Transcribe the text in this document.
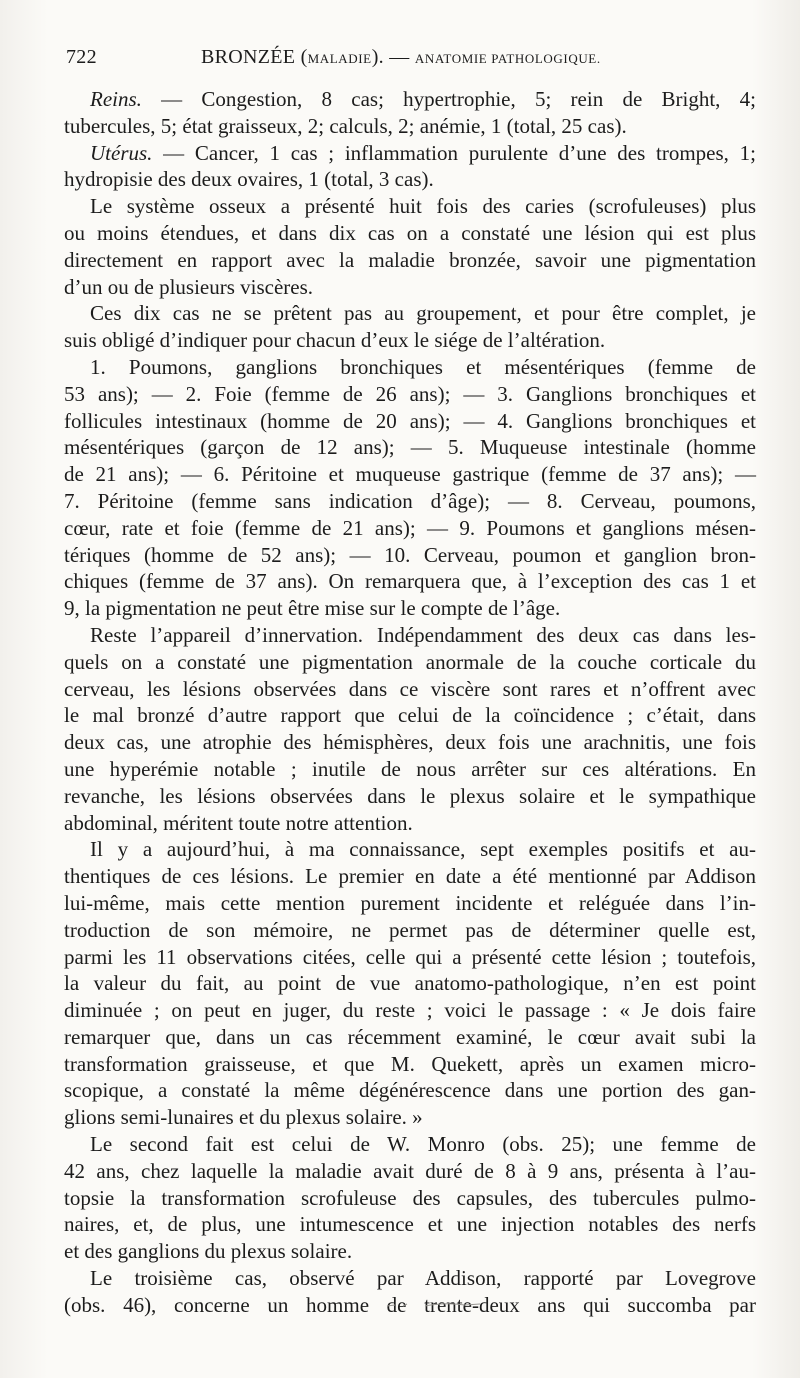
722	BRONZÉE (MALADIE). — ANATOMIE PATHOLOGIQUE.
Reins. — Congestion, 8 cas; hypertrophie, 5; rein de Bright, 4;
tubercules, 5; état graisseux, 2; calculs, 2; anémie, 1 (total, 25 cas).
Utérus. — Cancer, 1 cas ; inflammation purulente d’une des trompes, 1;
hydropisie des deux ovaires, 1 (total, 3 cas).
Le système osseux a présenté huit fois des caries (scrofuleuses) plus
ou moins étendues, et dans dix cas on a constaté une lésion qui est plus
directement en rapport avec la maladie bronzée, savoir une pigmentation
d’un ou de plusieurs viscères.
Ces dix cas ne se prêtent pas au groupement, et pour être complet, je
suis obligé d’indiquer pour chacun d’eux le siége de l’altération.
1. Poumons, ganglions bronchiques et mésentériques (femme de
53 ans); — 2. Foie (femme de 26 ans); — 3. Ganglions bronchiques et
follicules intestinaux (homme de 20 ans); — 4. Ganglions bronchiques et
mésentériques (garçon de 12 ans); — 5. Muqueuse intestinale (homme
de 21 ans); — 6. Péritoine et muqueuse gastrique (femme de 37 ans); —
7. Péritoine (femme sans indication d’âge); — 8. Cerveau, poumons,
cœur, rate et foie (femme de 21 ans); — 9. Poumons et ganglions mésen-
tériques (homme de 52 ans); — 10. Cerveau, poumon et ganglion bron-
chiques (femme de 37 ans). On remarquera que, à l’exception des cas 1 et
9, la pigmentation ne peut être mise sur le compte de l’âge.
Reste l’appareil d’innervation. Indépendamment des deux cas dans les-
quels on a constaté une pigmentation anormale de la couche corticale du
cerveau, les lésions observées dans ce viscère sont rares et n’offrent avec
le mal bronzé d’autre rapport que celui de la coïncidence ; c’était, dans
deux cas, une atrophie des hémisphères, deux fois une arachnitis, une fois
une hyperémie notable ; inutile de nous arrêter sur ces altérations. En
revanche, les lésions observées dans le plexus solaire et le sympathique
abdominal, méritent toute notre attention.
Il y a aujourd’hui, à ma connaissance, sept exemples positifs et au-
thentiques de ces lésions. Le premier en date a été mentionné par Addison
lui-même, mais cette mention purement incidente et reléguée dans l’in-
troduction de son mémoire, ne permet pas de déterminer quelle est,
parmi les 11 observations citées, celle qui a présenté cette lésion ; toutefois,
la valeur du fait, au point de vue anatomo-pathologique, n’en est point
diminuée ; on peut en juger, du reste ; voici le passage : « Je dois faire
remarquer que, dans un cas récemment examiné, le cœur avait subi la
transformation graisseuse, et que M. Quekett, après un examen micro-
scopique, a constaté la même dégénérescence dans une portion des gan-
glions semi-lunaires et du plexus solaire. »
Le second fait est celui de W. Monro (obs. 25); une femme de
42 ans, chez laquelle la maladie avait duré de 8 à 9 ans, présenta à l’au-
topsie la transformation scrofuleuse des capsules, des tubercules pulmo-
naires, et, de plus, une intumescence et une injection notables des nerfs
et des ganglions du plexus solaire.
Le troisième cas, observé par Addison, rapporté par Lovegrove
(obs. 46), concerne un homme de trente-deux ans qui succomba par
